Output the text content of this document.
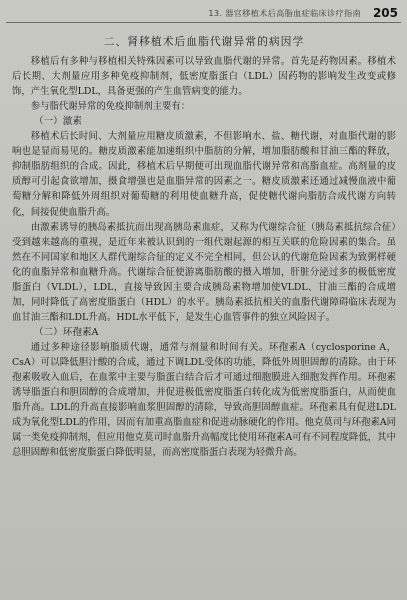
13. 器官移植术后高脂血症临床诊疗指南 205
二、肾移植术后血脂代谢异常的病因学

移植后有多种与移植相关特殊因素可以导致血脂代谢的异常。首先是药物因素。移植术后长期、大剂量应用多种免疫抑制剂，低密度脂蛋白（LDL）因药物的影响发生改变或修饰，产生氧化型LDL，具备更强的产生血管病变的能力。

参与脂代谢异常的免疫抑制剂主要有：

（一）激素

移植术后长时间、大剂量应用糖皮质激素，不但影响水、盐、糖代谢，对血脂代谢的影响也是显而易见的。糖皮质激素能加速组织中脂肪的分解，增加脂肪酸和甘油三酯的释放，抑制脂肪组织的合成。因此，移植术后早期便可出现血脂代谢异常和高脂血症。高剂量的皮质醇可引起食欲增加，摄食增强也是血脂异常的因素之一。糖皮质激素还通过减慢血液中葡萄糖分解和降低外周组织对葡萄糖的利用使血糖升高，促使糖代谢向脂肪合成代谢方向转化，间接促使血脂升高。

由激素诱导的胰岛素抵抗而出现高胰岛素血症，又称为代谢综合征（胰岛素抵抗综合征）受到越来越高的重视，是近年来被认识到的一组代谢起源的相互关联的危险因素的集合。虽然在不同国家和地区人群代谢综合征的定义不完全相同，但公认的代谢危险因素为致粥样硬化的血脂异常和血糖升高。代谢综合征使游离脂肪酸的摄入增加，肝脏分泌过多的极低密度脂蛋白（VLDL），LDL，直接导致因主要合成胰岛素物增加使VLDL、甘油三酯的合成增加，同时降低了高密度脂蛋白（HDL）的水平。胰岛素抵抗相关的血脂代谢障碍临床表现为血甘油三酯和LDL升高。HDL水平低下，是发生心血管事件的独立风险因子。

（二）环孢素A

通过多种途径影响脂质代谢，通常与剂量和时间有关。环孢素A（cyclosporine A，CsA）可以降低胆汁酸的合成，通过下调LDL受体的功能，降低外周胆固醇的清除。由于环孢素吸收入血后，在血浆中主要与脂蛋白结合后才可通过细胞膜进入细胞发挥作用。环孢素诱导脂蛋白和胆固醇的合成增加，并促进极低密度脂蛋白转化成为低密度脂蛋白，从而使血脂升高。LDL的升高直接影响血浆胆固醇的清除，导致高胆固醇血症。环孢素具有促进LDL成为氧化型LDL的作用，因而有加重高脂血症和促进动脉硬化的作用。他克莫司与环孢素A同属一类免疫抑制剂，但应用他克莫司时血脂升高幅度比使用环孢素A可有不同程度降低，其中总胆固醇和低密度脂蛋白降低明显，而高密度脂蛋白表现为轻微升高。
